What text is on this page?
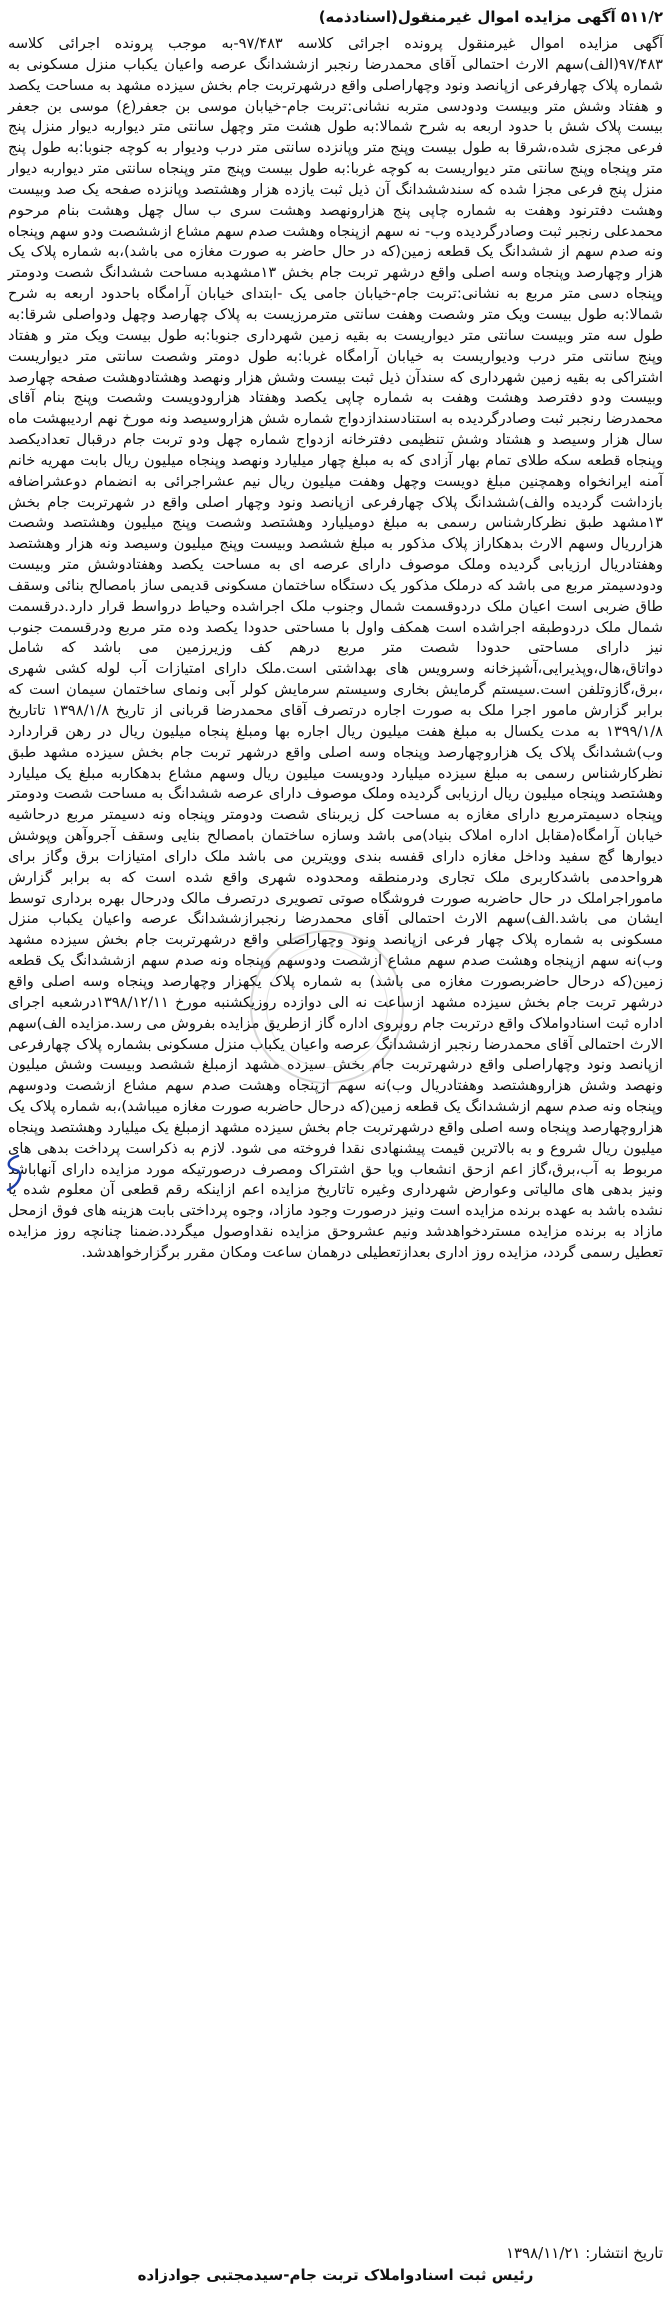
۵۱۱/۲ آگهی مزایده اموال غیرمنقول(اسنادذمه)

آگهی مزایده اموال غیرمنقول پرونده اجرائی کلاسه ۹۷/۴۸۳-به موجب پرونده اجرائی کلاسه ۹۷/۴۸۳(الف)سهم الارث احتمالی آقای محمدرضا رنجبر ازششدانگ عرصه واعیان یکباب منزل مسکونی به شماره پلاک چهارفرعی ازپانصد ونود وچهاراصلی واقع درشهرتربت جام بخش سیزده مشهد به مساحت یکصد و هفتاد وشش متر وبیست ودودسی متربه نشانی:تربت جام-خیابان موسی بن جعفر(ع) موسی بن جعفر بیست پلاک شش با حدود اربعه به شرح شمالا:به طول هشت متر وچهل سانتی متر دیواربه دیوار منزل پنج فرعی مجزی شده،شرقا به طول بیست وپنج متر وپانزده سانتی متر درب ودیوار به کوچه جنوبا:به طول پنج متر وپنجاه وپنج سانتی متر دیواریست به کوچه غربا:به طول بیست وپنج متر وپنجاه سانتی متر دیواربه دیوار منزل پنج فرعی مجزا شده که سندششدانگ آن ذیل ثبت یازده هزار وهشتصد وپانزده صفحه یک صد وبیست وهشت دفترنود وهفت به شماره چاپی پنج هزارونهصد وهشت سری ب سال چهل وهشت بنام مرحوم محمدعلی رنجبر ثبت وصادرگردیده وب- نه سهم ازپنجاه وهشت صدم سهم مشاع ازششصت ودو سهم وپنجاه ونه صدم سهم از ششدانگ یک قطعه زمین(که در حال حاضر به صورت مغازه می باشد)،به شماره پلاک یک هزار وچهارصد وپنجاه وسه اصلی واقع درشهر تربت جام بخش ۱۳مشهدبه مساحت ششدانگ شصت ودومتر وپنجاه دسی متر مربع به نشانی:تربت جام-خیابان جامی یک -ابتدای خیابان آرامگاه باحدود اربعه به شرح شمالا:به طول بیست ویک متر وشصت وهفت سانتی مترمرزیست به پلاک چهارصد وچهل ودواصلی شرقا:به طول سه متر وبیست سانتی متر دیواریست به بقیه زمین شهرداری جنوبا:به طول بیست ویک متر و هفتاد وپنج سانتی متر درب ودیواریست به خیابان آرامگاه غربا:به طول دومتر وشصت سانتی متر دیواریست اشتراکی به بقیه زمین شهرداری که سندآن ذیل ثبت بیست وشش هزار ونهصد وهشتادوهشت صفحه چهارصد وبیست ودو دفترصد وهشت وهفت به شماره چاپی یکصد وهفتاد هزارودویست وشصت وپنج بنام آقای محمدرضا رنجبر ثبت وصادرگردیده به استنادسندازدواج شماره شش هزاروسیصد ونه مورخ نهم اردیبهشت ماه سال هزار وسیصد و هشتاد وشش تنظیمی دفترخانه ازدواج شماره چهل ودو تربت جام درقبال تعدادیکصد وپنجاه قطعه سکه طلای تمام بهار آزادی که به مبلغ چهار میلیارد ونهصد وپنجاه میلیون ریال بابت مهریه خانم آمنه ایرانخواه وهمچنین مبلغ دویست وچهل وهفت میلیون ریال نیم عشراجرائی به انضمام دوعشراضافه بازداشت گردیده والف)ششدانگ پلاک چهارفرعی ازپانصد ونود وچهار اصلی واقع در شهرتربت جام بخش ۱۳مشهد طبق نظرکارشناس رسمی به مبلغ دومیلیارد وهشتصد وشصت وپنج میلیون وهشتصد وشصت هزارریال وسهم الارث بدهکاراز پلاک مذکور به مبلغ ششصد وبیست وپنج میلیون وسیصد ونه هزار وهشتصد وهفتادریال ارزیابی گردیده وملک موصوف دارای عرصه ای به مساحت یکصد وهفتادوشش متر وبیست ودودسیمتر مربع می باشد که درملک مذکور یک دستگاه ساختمان مسکونی قدیمی ساز بامصالح بنائی وسقف طاق ضربی است اعیان ملک دردوقسمت شمال وجنوب ملک اجراشده وحیاط درواسط قرار دارد.درقسمت شمال ملک دردوطبقه اجراشده است همکف واول با مساحتی حدودا یکصد وده متر مربع ودرقسمت جنوب نیز دارای مساحتی حدودا شصت متر مربع درهم کف وزیرزمین می باشد که شامل دواتاق،هال،وپذیرایی،آشپزخانه وسرویس های بهداشتی است.ملک دارای امتیازات آب لوله کشی شهری ،برق،گازوتلفن است.سیستم گرمایش بخاری وسیستم سرمایش کولر آبی ونمای ساختمان سیمان است که برابر گزارش مامور اجرا ملک به صورت اجاره درتصرف آقای محمدرضا قربانی از تاریخ ۱۳۹۸/۱/۸ تاتاریخ ۱۳۹۹/۱/۸ به مدت یکسال به مبلغ هفت میلیون ریال اجاره بها ومبلغ پنجاه میلیون ریال در رهن قراردارد وب)ششدانگ پلاک یک هزاروچهارصد وپنجاه وسه اصلی واقع درشهر تربت جام بخش سیزده مشهد طبق نظرکارشناس رسمی به مبلغ سیزده میلیارد ودویست میلیون ریال وسهم مشاع بدهکاربه مبلغ یک میلیارد وهشتصد وپنجاه میلیون ریال ارزیابی گردیده وملک موصوف دارای عرصه ششدانگ به مساحت شصت ودومتر وپنجاه دسیمترمربع دارای مغازه به مساحت کل زیربنای شصت ودومتر وپنجاه ونه دسیمتر مربع درحاشیه خیابان آرامگاه(مقابل اداره املاک بنیاد)می باشد وسازه ساختمان بامصالح بنایی وسقف آجروآهن وپوشش دیوارها گچ سفید وداخل مغازه دارای قفسه بندی وویترین می باشد ملک دارای امتیازات برق وگاز برای هرواحدمی باشدکاربری ملک تجاری ودرمنطقه ومحدوده شهری واقع شده است که به برابر گزارش ماموراجراملک در حال حاضربه صورت فروشگاه صوتی تصویری درتصرف مالک ودرحال بهره برداری توسط ایشان می باشد.الف)سهم الارث احتمالی آقای محمدرضا رنجبرازششدانگ عرصه واعیان یکباب منزل مسکونی به شماره پلاک چهار فرعی ازپانصد ونود وچهاراصلی واقع درشهرتربت جام بخش سیزده مشهد وب)نه سهم ازپنجاه وهشت صدم سهم مشاع ازشصت ودوسهم وپنجاه ونه صدم سهم ازششدانگ یک قطعه زمین(که درحال حاضربصورت مغازه می باشد) به شماره پلاک یکهزار وچهارصد وپنجاه وسه اصلی واقع درشهر تربت جام بخش سیزده مشهد ازساعت نه الی دوازده روزیکشنبه مورخ ۱۳۹۸/۱۲/۱۱درشعبه اجرای اداره ثبت اسنادواملاک واقع درتربت جام روبروی اداره گاز ازطریق مزایده بفروش می رسد.مزایده الف)سهم الارث احتمالی آقای محمدرضا رنجبر ازششدانگ عرصه واعیان یکباب منزل مسکونی بشماره پلاک چهارفرعی ازپانصد ونود وچهاراصلی واقع درشهرتربت جام بخش سیزده مشهد ازمبلغ ششصد وبیست وشش میلیون ونهصد وشش هزاروهشتصد وهفتادریال وب)نه سهم ازپنجاه وهشت صدم سهم مشاع ازشصت ودوسهم وپنجاه ونه صدم سهم ازششدانگ یک قطعه زمین(که درحال حاضربه صورت مغازه میباشد)،به شماره پلاک یک هزاروچهارصد وپنجاه وسه اصلی واقع درشهرتربت جام بخش سیزده مشهد ازمبلغ یک میلیارد وهشتصد وپنجاه میلیون ریال شروع و به بالاترین قیمت پیشنهادی نقدا فروخته می شود. لازم به ذکراست پرداخت بدهی های مربوط به آب،برق،گاز اعم ازحق انشعاب ویا حق اشتراک ومصرف درصورتیکه مورد مزایده دارای آنهاباشد ونیز بدهی های مالیاتی وعوارض شهرداری وغیره تاتاریخ مزایده اعم ازاینکه رقم قطعی آن معلوم شده یا نشده باشد به عهده برنده مزایده است ونیز درصورت وجود مازاد، وجوه پرداختی بابت هزینه های فوق ازمحل مازاد به برنده مزایده مستردخواهدشد ونیم عشروحق مزایده نقداوصول میگردد.ضمنا چنانچه روز مزایده تعطیل رسمی گردد، مزایده روز اداری بعدازتعطیلی درهمان ساعت ومکان مقرر برگزارخواهدشد.

تاریخ انتشار: ۱۳۹۸/۱۱/۲۱
رئیس ثبت اسنادواملاک تربت جام-سیدمجتبی جوادزاده
